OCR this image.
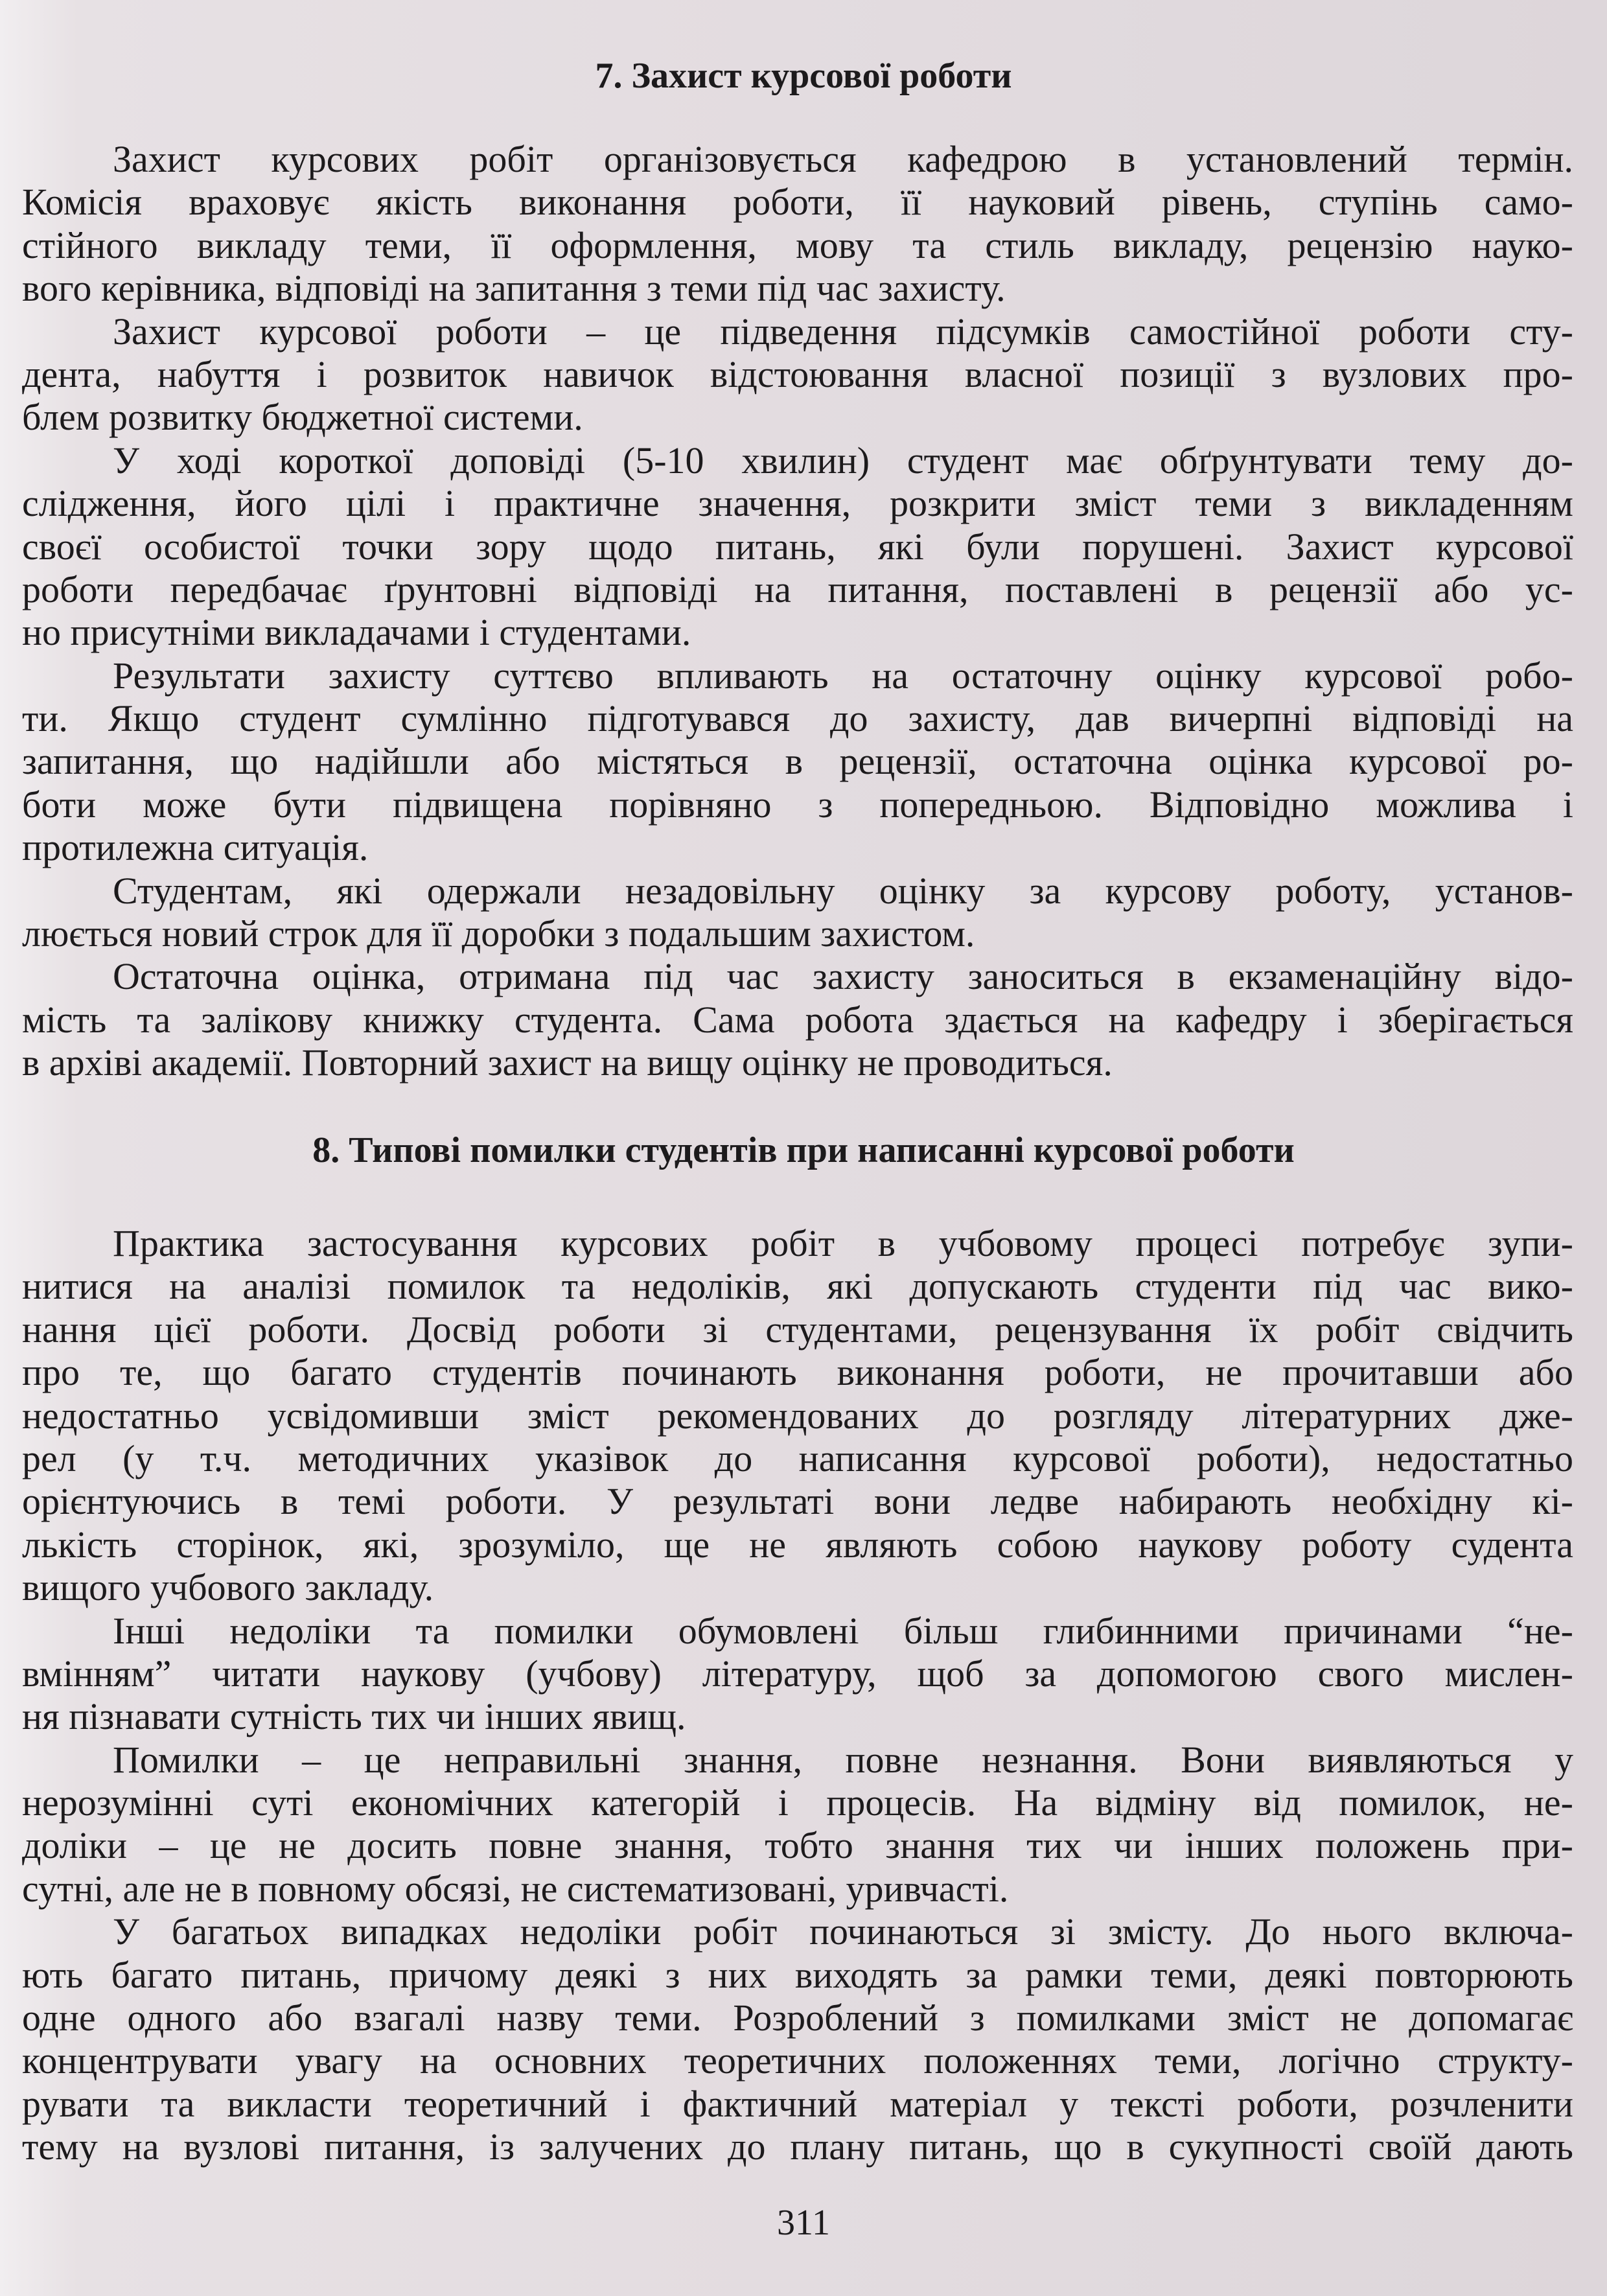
7. Захист курсової роботи
Захист курсових робіт організовується кафедрою в установлений термін.
Комісія враховує якість виконання роботи, її науковий рівень, ступінь само-
стійного викладу теми, її оформлення, мову та стиль викладу, рецензію науко-
вого керівника, відповіді на запитання з теми під час захисту.
Захист курсової роботи – це підведення підсумків самостійної роботи сту-
дента, набуття і розвиток навичок відстоювання власної позиції з вузлових про-
блем розвитку бюджетної системи.
У ході короткої доповіді (5-10 хвилин) студент має обґрунтувати тему до-
слідження, його цілі і практичне значення, розкрити зміст теми з викладенням
своєї особистої точки зору щодо питань, які були порушені. Захист курсової
роботи передбачає ґрунтовні відповіді на питання, поставлені в рецензії або ус-
но присутніми викладачами і студентами.
Результати захисту суттєво впливають на остаточну оцінку курсової робо-
ти. Якщо студент сумлінно підготувався до захисту, дав вичерпні відповіді на
запитання, що надійшли або містяться в рецензії, остаточна оцінка курсової ро-
боти може бути підвищена порівняно з попередньою. Відповідно можлива і
протилежна ситуація.
Студентам, які одержали незадовільну оцінку за курсову роботу, установ-
люється новий строк для її доробки з подальшим захистом.
Остаточна оцінка, отримана під час захисту заноситься в екзаменаційну відо-
мість та залікову книжку студента. Сама робота здається на кафедру і зберігається
в архіві академії. Повторний захист на вищу оцінку не проводиться.
8. Типові помилки студентів при написанні курсової роботи
Практика застосування курсових робіт в учбовому процесі потребує зупи-
нитися на аналізі помилок та недоліків, які допускають студенти під час вико-
нання цієї роботи. Досвід роботи зі студентами, рецензування їх робіт свідчить
про те, що багато студентів починають виконання роботи, не прочитавши або
недостатньо усвідомивши зміст рекомендованих до розгляду літературних дже-
рел (у т.ч. методичних указівок до написання курсової роботи), недостатньо
орієнтуючись в темі роботи. У результаті вони ледве набирають необхідну кі-
лькість сторінок, які, зрозуміло, ще не являють собою наукову роботу судента
вищого учбового закладу.
Інші недоліки та помилки обумовлені більш глибинними причинами “не-
вмінням” читати наукову (учбову) літературу, щоб за допомогою свого мислен-
ня пізнавати сутність тих чи інших явищ.
Помилки – це неправильні знання, повне незнання. Вони виявляються у
нерозумінні суті економічних категорій і процесів. На відміну від помилок, не-
доліки – це не досить повне знання, тобто знання тих чи інших положень при-
сутні, але не в повному обсязі, не систематизовані, уривчасті.
У багатьох випадках недоліки робіт починаються зі змісту. До нього включа-
ють багато питань, причому деякі з них виходять за рамки теми, деякі повторюють
одне одного або взагалі назву теми. Розроблений з помилками зміст не допомагає
концентрувати увагу на основних теоретичних положеннях теми, логічно структу-
рувати та викласти теоретичний і фактичний матеріал у тексті роботи, розчленити
тему на вузлові питання, із залучених до плану питань, що в сукупності своїй дають
311
